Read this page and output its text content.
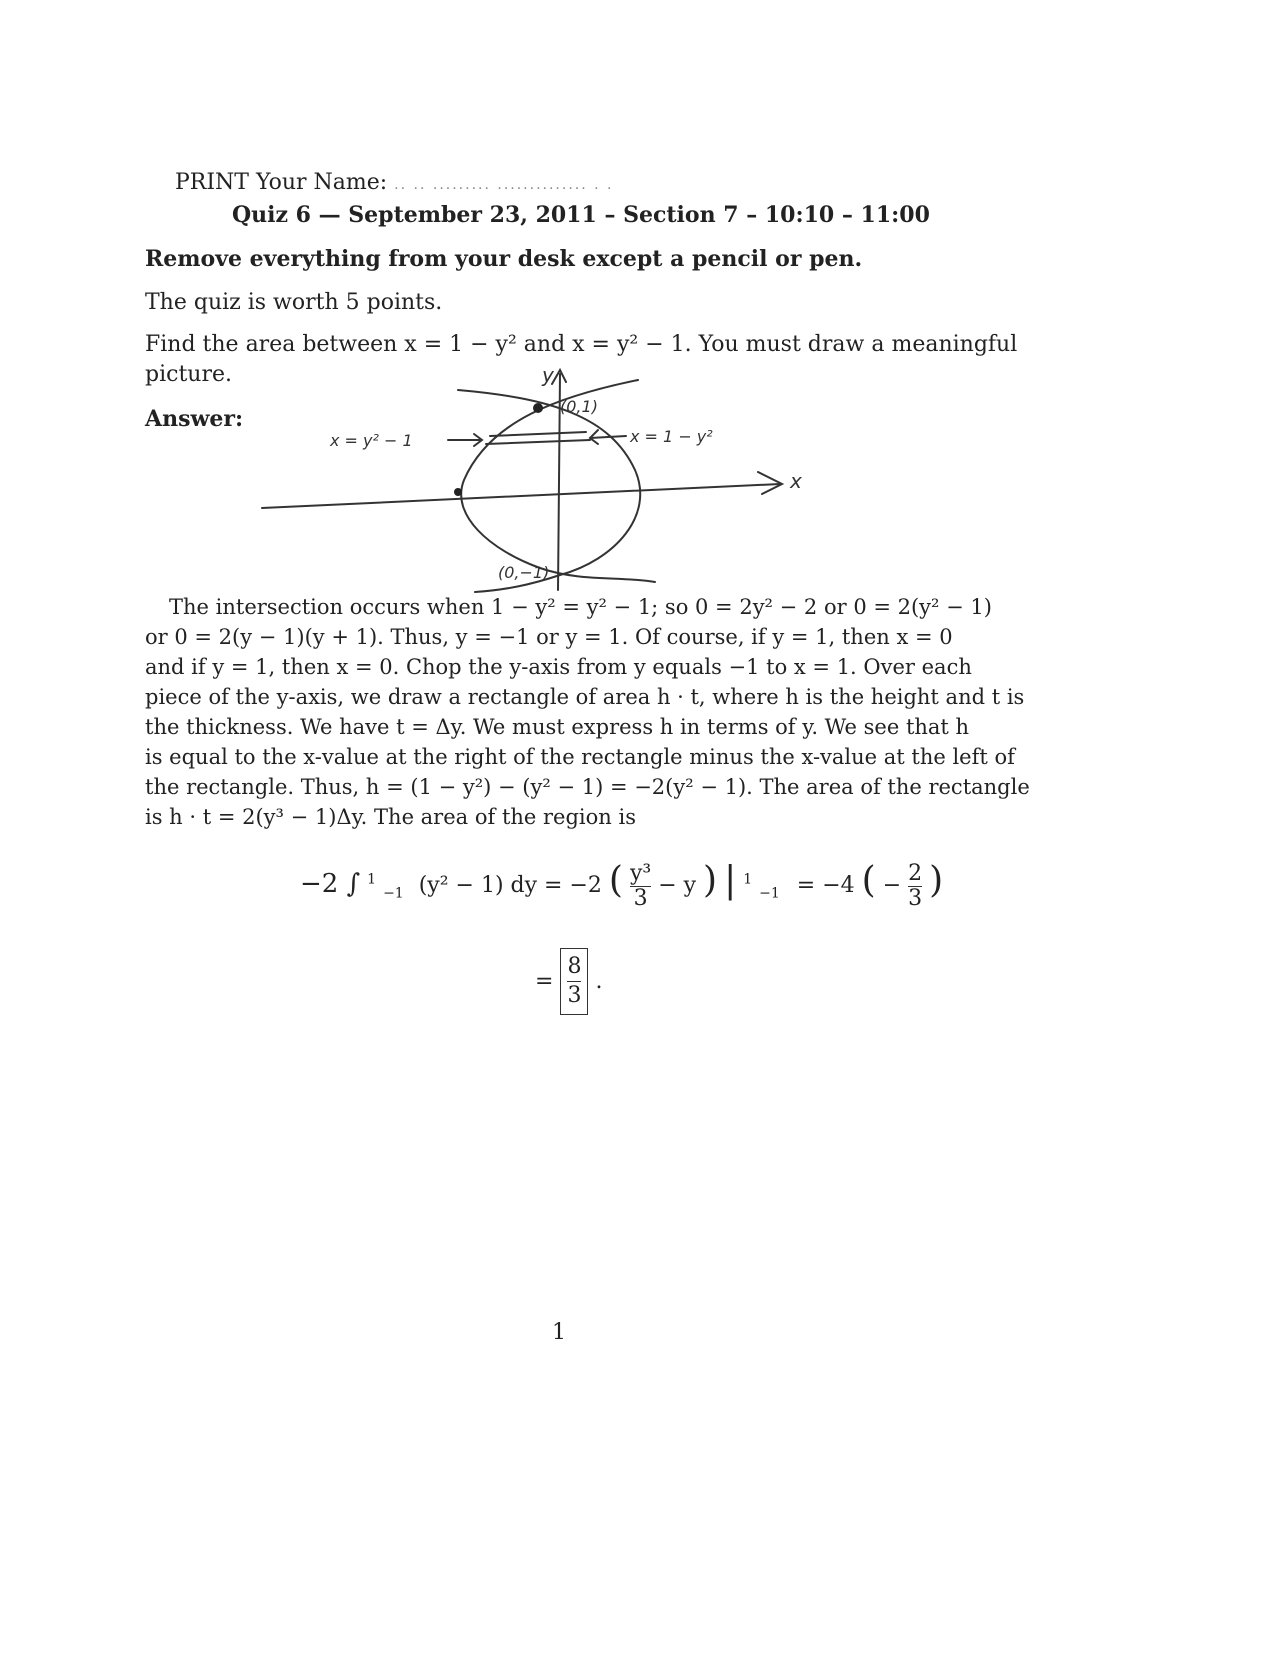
PRINT Your Name: .. .. ......... .............. . .
Quiz 6 — September 23, 2011 – Section 7 – 10:10 – 11:00
Remove everything from your desk except a pencil or pen.
The quiz is worth 5 points.
Find the area between x = 1 − y² and x = y² − 1. You must draw a meaningful
picture.
Answer:
y
x
(0,1)
(0,−1)
x = y² − 1	x = 1 − y²
The intersection occurs when 1 − y² = y² − 1; so 0 = 2y² − 2 or 0 = 2(y² − 1)
or 0 = 2(y − 1)(y + 1). Thus, y = −1 or y = 1. Of course, if y = 1, then x = 0
and if y = 1, then x = 0. Chop the y-axis from y equals −1 to x = 1. Over each
piece of the y-axis, we draw a rectangle of area h · t, where h is the height and t is
the thickness. We have t = Δy. We must express h in terms of y. We see that h
is equal to the x-value at the right of the rectangle minus the x-value at the left of
the rectangle. Thus, h = (1 − y²) − (y² − 1) = −2(y² − 1). The area of the rectangle
is h · t = 2(y³ − 1)Δy. The area of the region is
−2 ∫ $^1$ $_{-1}$ (y² − 1) dy = −2 ( $\frac{\text{y³}}{3} - y$ ) | $^1$ $_{-1}$ = −4 ( − $\frac{2}{3}$ )
= $\frac{8}{3}$ .
1
